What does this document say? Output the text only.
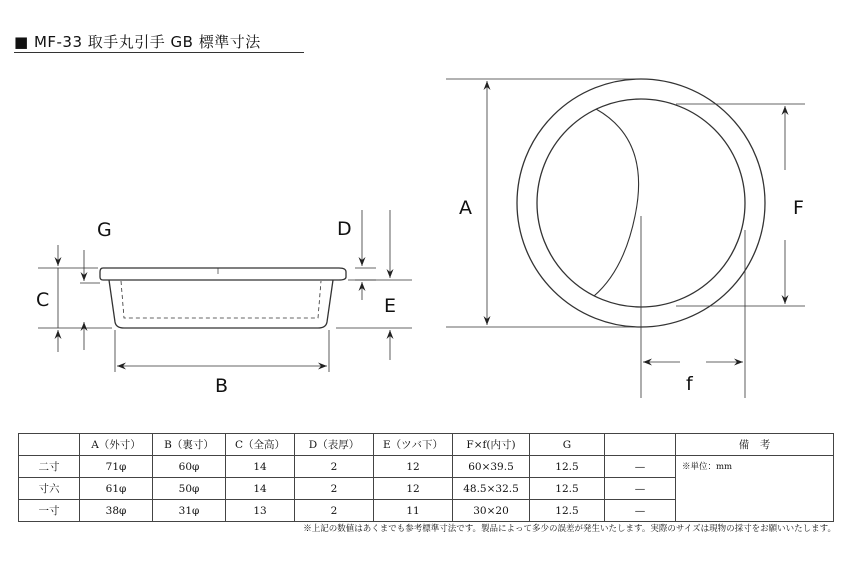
■ MF-33 取手丸引手 GB 標準寸法
C
G	D
E
B
A	F
f
	A（外寸）	B（裏寸）	C（全高）	D（表厚）	E（ツバ下）	F×f(内寸)	G		備　考
二寸	71φ	60φ	14	2	12	60×39.5	12.5	—	※単位：mm
寸六	61φ	50φ	14	2	12	48.5×32.5	12.5	—	
一寸	38φ	31φ	13	2	11	30×20	12.5	—	
※上記の数値はあくまでも参考標準寸法です。製品によって多少の誤差が発生いたします。実際のサイズは現物の採寸をお願いいたします。
